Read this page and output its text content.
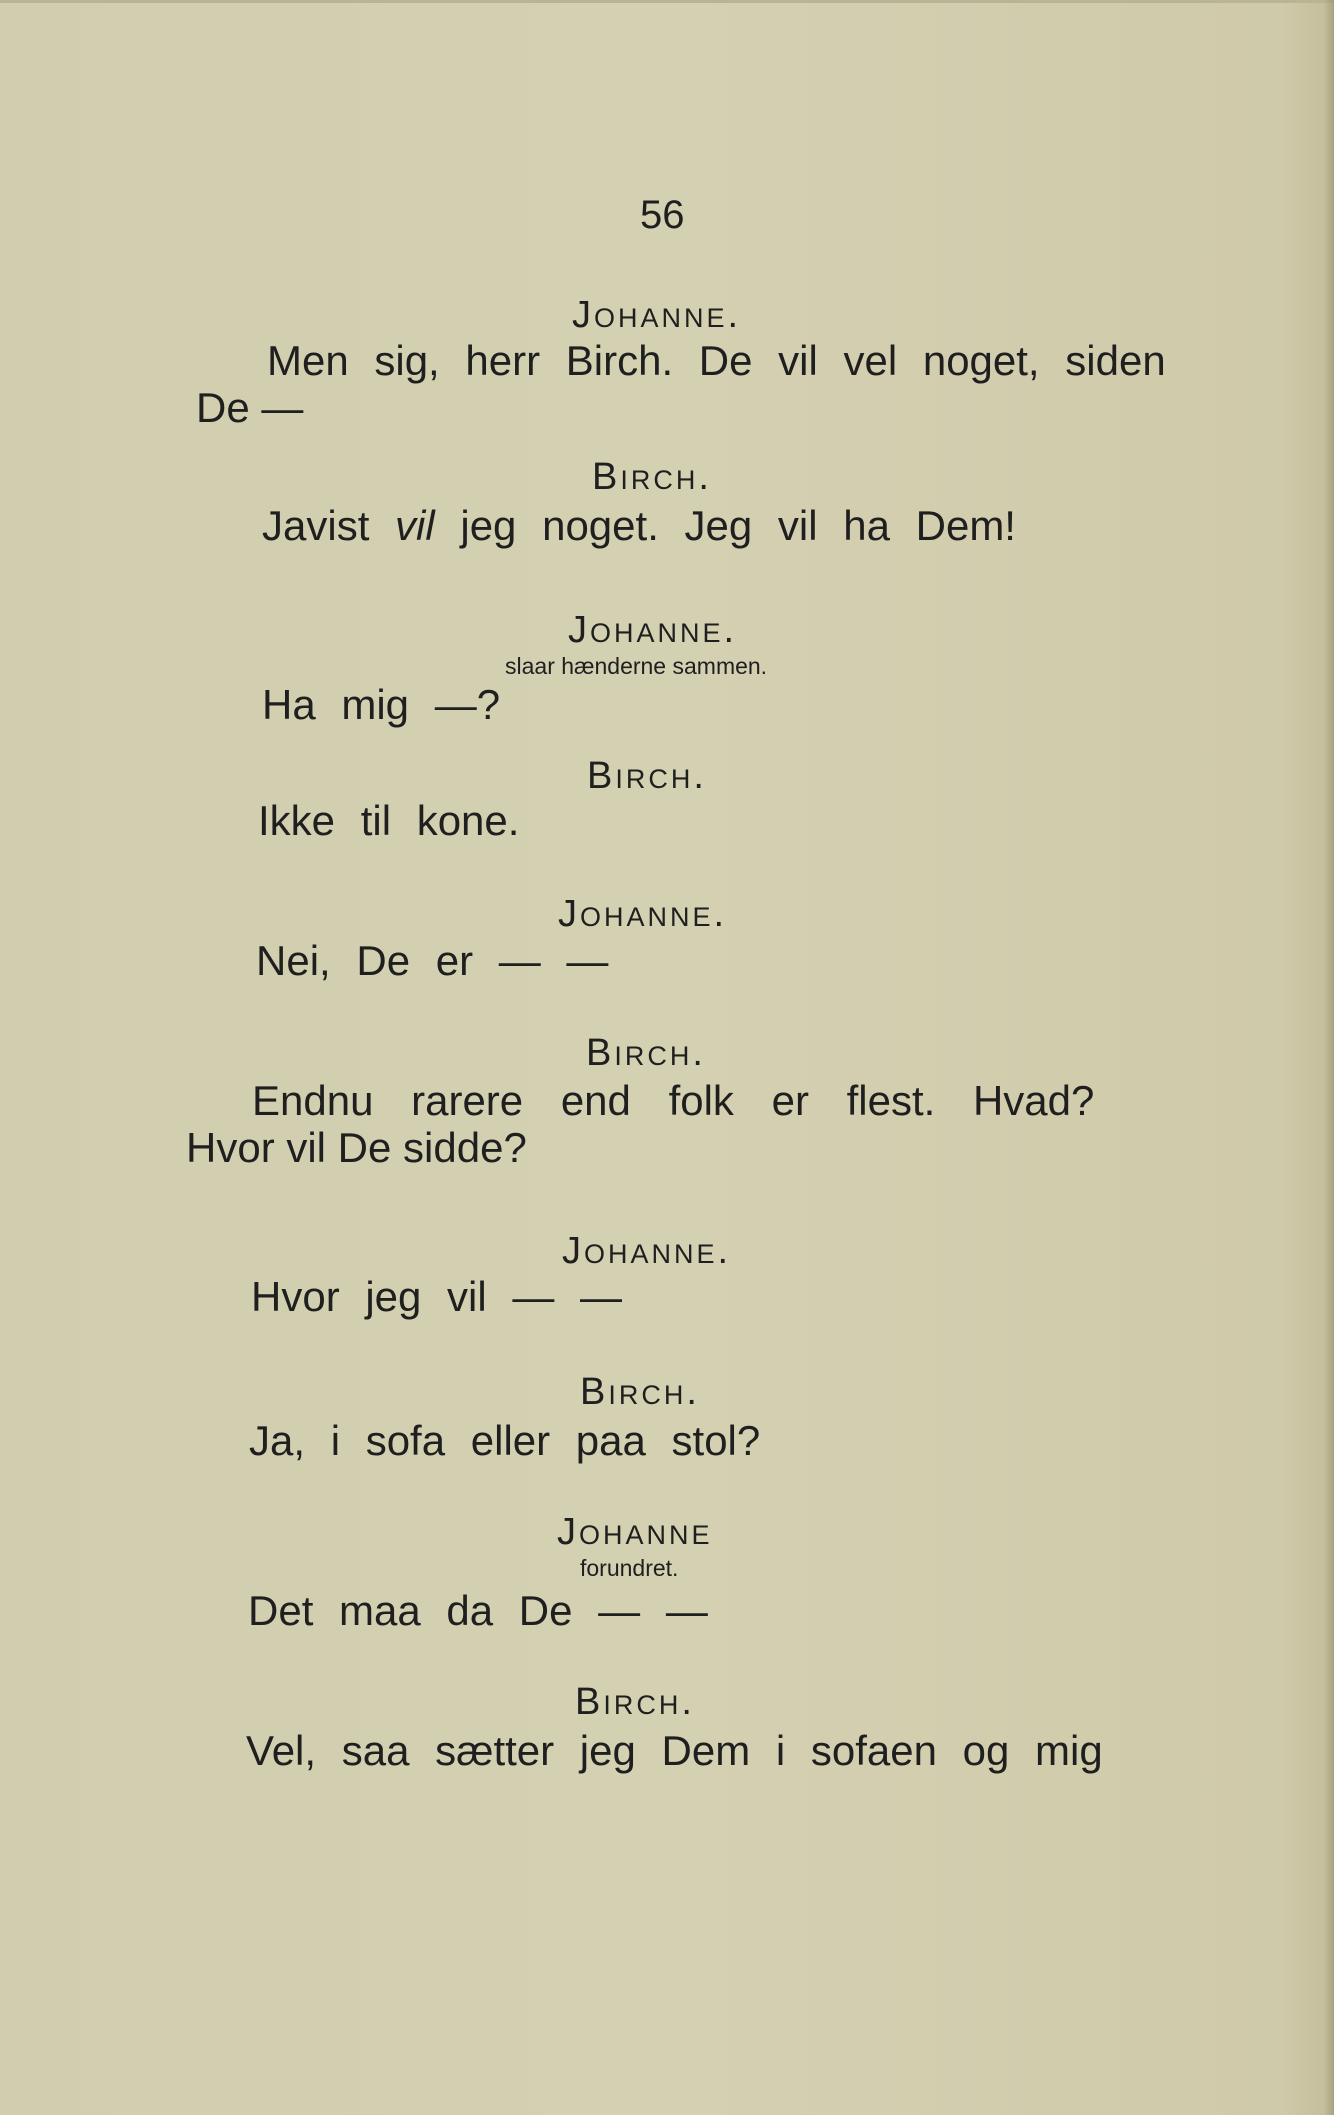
56
Johanne.
Men sig, herr Birch. De vil vel noget, siden
De —
Birch.
Javist vil jeg noget. Jeg vil ha Dem!
Johanne.
slaar hænderne sammen.
Ha mig —?
Birch.
Ikke til kone.
Johanne.
Nei, De er — —
Birch.
Endnu rarere end folk er flest. Hvad?
Hvor vil De sidde?
Johanne.
Hvor jeg vil — —
Birch.
Ja, i sofa eller paa stol?
Johanne
forundret.
Det maa da De — —
Birch.
Vel, saa sætter jeg Dem i sofaen og mig
